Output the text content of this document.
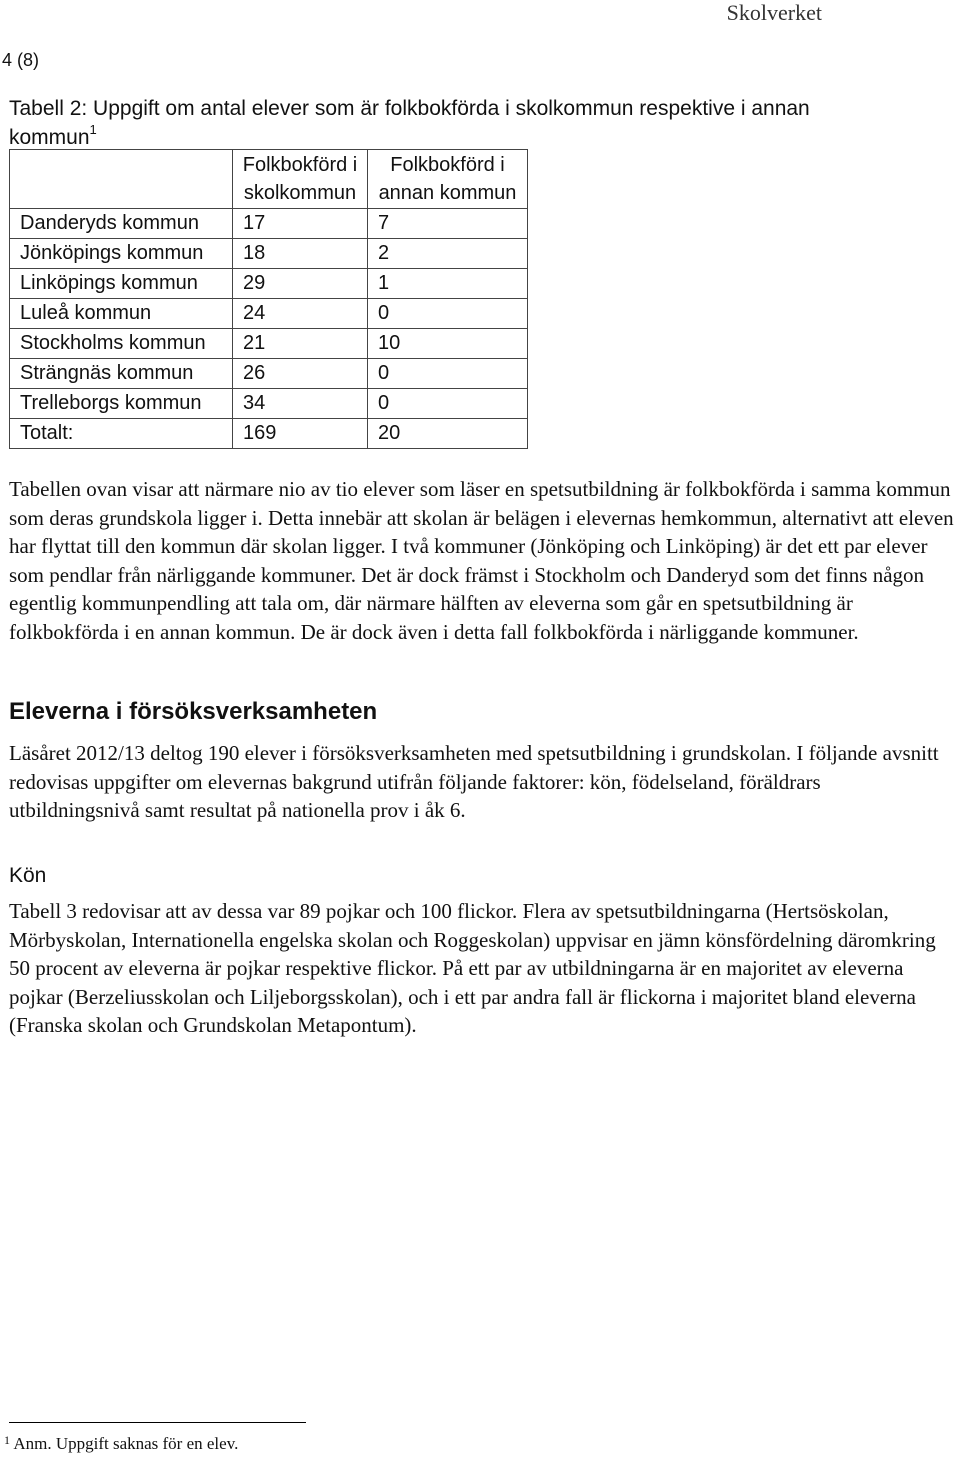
Skolverket
4 (8)
Tabell 2: Uppgift om antal elever som är folkbokförda i skolkommun respektive i annan kommun$^1$
	Folkbokförd i skolkommun	Folkbokförd i annan kommun
Danderyds kommun	17	7
Jönköpings kommun	18	2
Linköpings kommun	29	1
Luleå kommun	24	0
Stockholms kommun	21	10
Strängnäs kommun	26	0
Trelleborgs kommun	34	0
Totalt:	169	20

Tabellen ovan visar att närmare nio av tio elever som läser en spetsutbildning är folkbokförda i samma kommun som deras grundskola ligger i. Detta innebär att skolan är belägen i elevernas hemkommun, alternativt att eleven har flyttat till den kommun där skolan ligger. I två kommuner (Jönköping och Linköping) är det ett par elever som pendlar från närliggande kommuner. Det är dock främst i Stockholm och Danderyd som det finns någon egentlig kommunpendling att tala om, där närmare hälften av eleverna som går en spetsutbildning är folkbokförda i en annan kommun. De är dock även i detta fall folkbokförda i närliggande kommuner.

Eleverna i försöksverksamheten

Läsåret 2012/13 deltog 190 elever i försöksverksamheten med spetsutbildning i grundskolan. I följande avsnitt redovisas uppgifter om elevernas bakgrund utifrån följande faktorer: kön, födelseland, föräldrars utbildningsnivå samt resultat på nationella prov i åk 6.

Kön

Tabell 3 redovisar att av dessa var 89 pojkar och 100 flickor. Flera av spetsutbildningarna (Hertsöskolan, Mörbyskolan, Internationella engelska skolan och Roggeskolan) uppvisar en jämn könsfördelning däromkring 50 procent av eleverna är pojkar respektive flickor. På ett par av utbildningarna är en majoritet av eleverna pojkar (Berzeliusskolan och Liljeborgsskolan), och i ett par andra fall är flickorna i majoritet bland eleverna (Franska skolan och Grundskolan Metapontum).

$^1$ Anm. Uppgift saknas för en elev.
